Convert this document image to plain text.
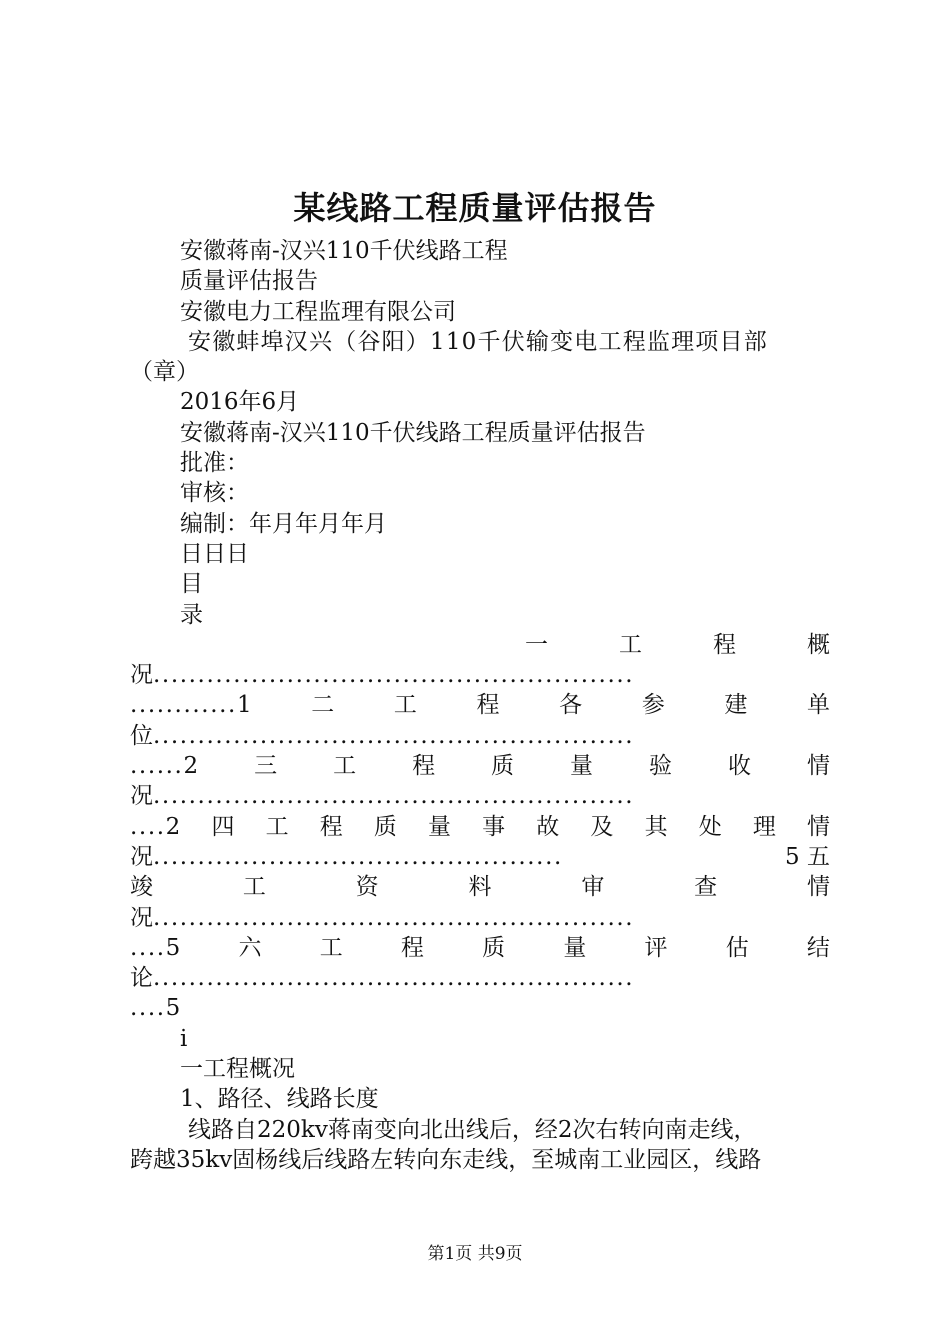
某线路工程质量评估报告
安徽蒋南-汉兴110千伏线路工程
质量评估报告
安徽电力工程监理有限公司
安徽蚌埠汉兴（谷阳）110千伏输变电工程监理项目部
（章）
2016年6月
安徽蒋南-汉兴110千伏线路工程质量评估报告
批准：
审核：
编制：年月年月年月
日日日
目
录
一	工	程	概
况......................................................
............1	二	工	程	各	参	建	单
位......................................................
......2 三 工 程 质 量 验 收 情
况......................................................
....2 四 工 程 质 量 事 故 及 其 处 理 情
况..............................................	5 五
竣	工	资	料	审	查	情
况......................................................
....5	六	工	程	质	量	评	估	结
论......................................................
....5
i
一工程概况
1、路径、线路长度
线路自220kv蒋南变向北出线后，经2次右转向南走线，
跨越35kv固杨线后线路左转向东走线，至城南工业园区，线路
第1页 共9页
